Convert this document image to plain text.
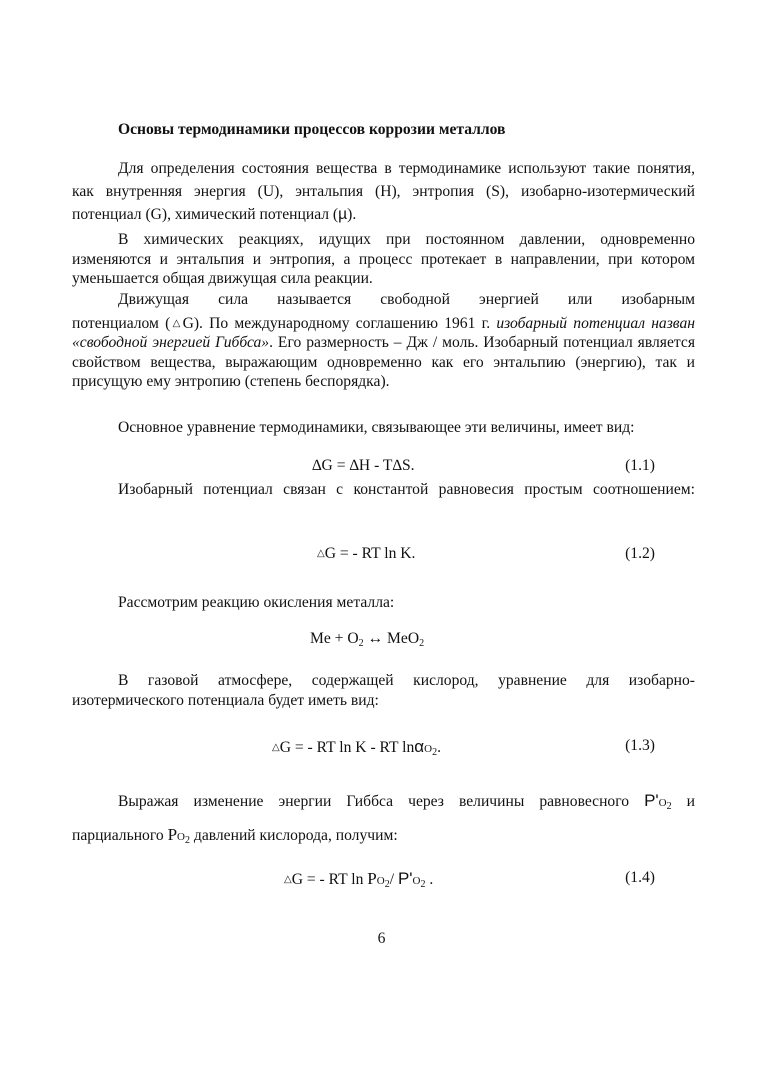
Основы термодинамики процессов коррозии металлов
Для определения состояния вещества в термодинамике используют такие понятия, как внутренняя энергия (U), энтальпия (H), энтропия (S), изобарно-изотермический потенциал (G), химический потенциал (µ).
В химических реакциях, идущих при постоянном давлении, одновременно изменяются и энтальпия и энтропия, а процесс протекает в направлении, при котором уменьшается общая движущая сила реакции.
Движущая сила называется свободной энергией или изобарным
потенциалом (△G). По международному соглашению 1961 г. изобарный потенциал назван «свободной энергией Гиббса». Его размерность – Дж / моль. Изобарный потенциал является свойством вещества, выражающим одновременно как его энтальпию (энергию), так и присущую ему энтропию (степень беспорядка).
Основное уравнение термодинамики, связывающее эти величины, имеет вид:
∆G = ∆H - T∆S.	(1.1)
Изобарный потенциал связан с константой равновесия простым соотношением:
△G = - RT ln K.	(1.2)
Рассмотрим реакцию окисления металла:
$Me + O_2$ ↔ MeO$_2$
В газовой атмосфере, содержащей кислород, уравнение для изобарно-изотермического потенциала будет иметь вид:
△G = - RT ln K - RT lnαO$_2$.	(1.3)
Выражая изменение энергии Гиббса через величины равновесного $P'O_2$ и
парциального $PO_2$ давлений кислорода, получим:
△G = - RT $\ln PO_2/$ $P'O_2$ .	(1.4)
6
